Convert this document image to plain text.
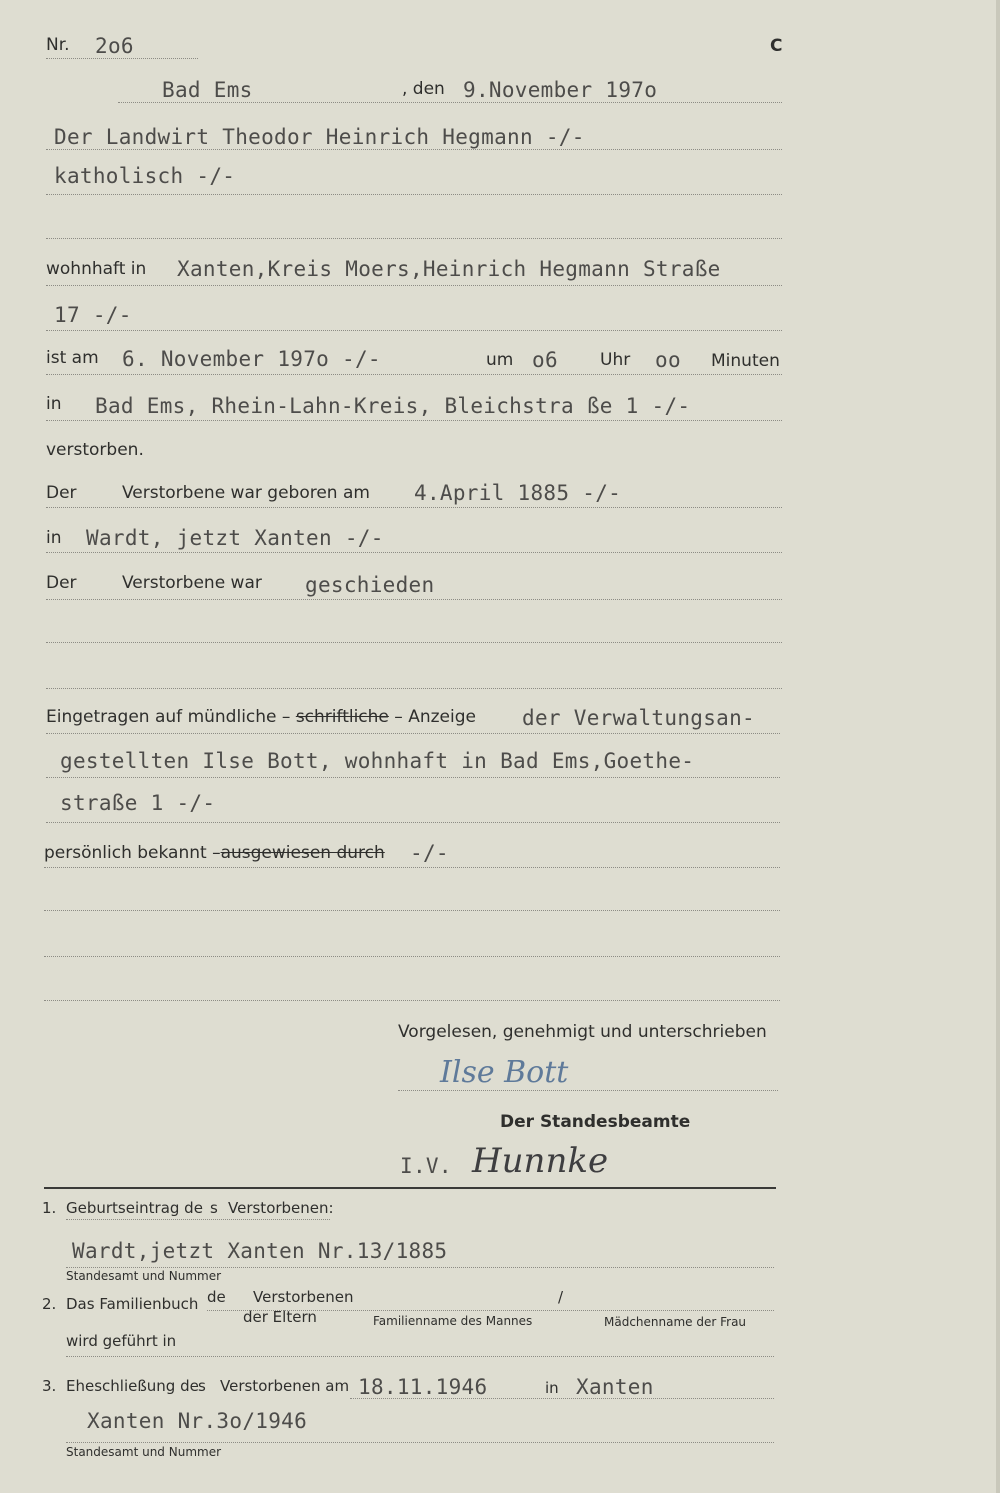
Nr. 2o6	C
Bad Ems	, den 9.November 197o
Der Landwirt Theodor Heinrich Hegmann -/-
katholisch -/-
wohnhaft in Xanten,Kreis Moers,Heinrich Hegmann Straße
17 -/-
ist am 6. November 197o -/-	um o6 Uhr oo Minuten
in Bad Ems, Rhein-Lahn-Kreis, Bleichstra ße 1 -/-
verstorben.
Der	Verstorbene war geboren am 4.April 1885 -/-
in Wardt, jetzt Xanten -/-
Der	Verstorbene war geschieden
Eingetragen auf mündliche – schriftliche – Anzeige der Verwaltungsan-
gestellten Ilse Bott, wohnhaft in Bad Ems,Goethe-
straße 1 -/-
persönlich bekannt –ausgewiesen durch -/-
Vorgelesen, genehmigt und unterschrieben
Ilse Bott
Der Standesbeamte
I.V. Hunnke
1. Geburtseintrag de s Verstorbenen:
Wardt,jetzt Xanten Nr.13/1885
Standesamt und Nummer
2. Das Familienbuch de Verstorbenen	/
der Eltern	Familienname des Mannes	Mädchenname der Frau
wird geführt in
3. Eheschließung de s Verstorbenen am 18.11.1946	in Xanten
Xanten Nr.3o/1946
Standesamt und Nummer
